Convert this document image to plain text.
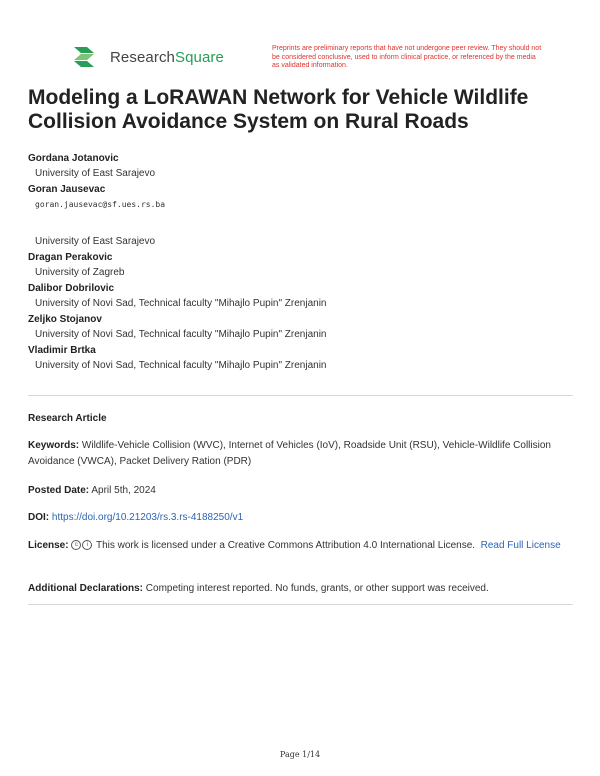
ResearchSquare	Preprints are preliminary reports that have not undergone peer review. They should not be considered conclusive, used to inform clinical practice, or referenced by the media as validated information.
Modeling a LoRAWAN Network for Vehicle Wildlife Collision Avoidance System on Rural Roads
Gordana Jotanovic
University of East Sarajevo
Goran Jausevac
goran.jausevac@sf.ues.rs.ba
University of East Sarajevo
Dragan Perakovic
University of Zagreb
Dalibor Dobrilovic
University of Novi Sad, Technical faculty "Mihajlo Pupin" Zrenjanin
Zeljko Stojanov
University of Novi Sad, Technical faculty "Mihajlo Pupin" Zrenjanin
Vladimir Brtka
University of Novi Sad, Technical faculty "Mihajlo Pupin" Zrenjanin
Research Article
Keywords: Wildlife-Vehicle Collision (WVC), Internet of Vehicles (IoV), Roadside Unit (RSU), Vehicle-Wildlife Collision Avoidance (VWCA), Packet Delivery Ration (PDR)
Posted Date: April 5th, 2024
DOI: https://doi.org/10.21203/rs.3.rs-4188250/v1
License: c i This work is licensed under a Creative Commons Attribution 4.0 International License. Read Full License
Additional Declarations: Competing interest reported. No funds, grants, or other support was received.
Page 1/14
